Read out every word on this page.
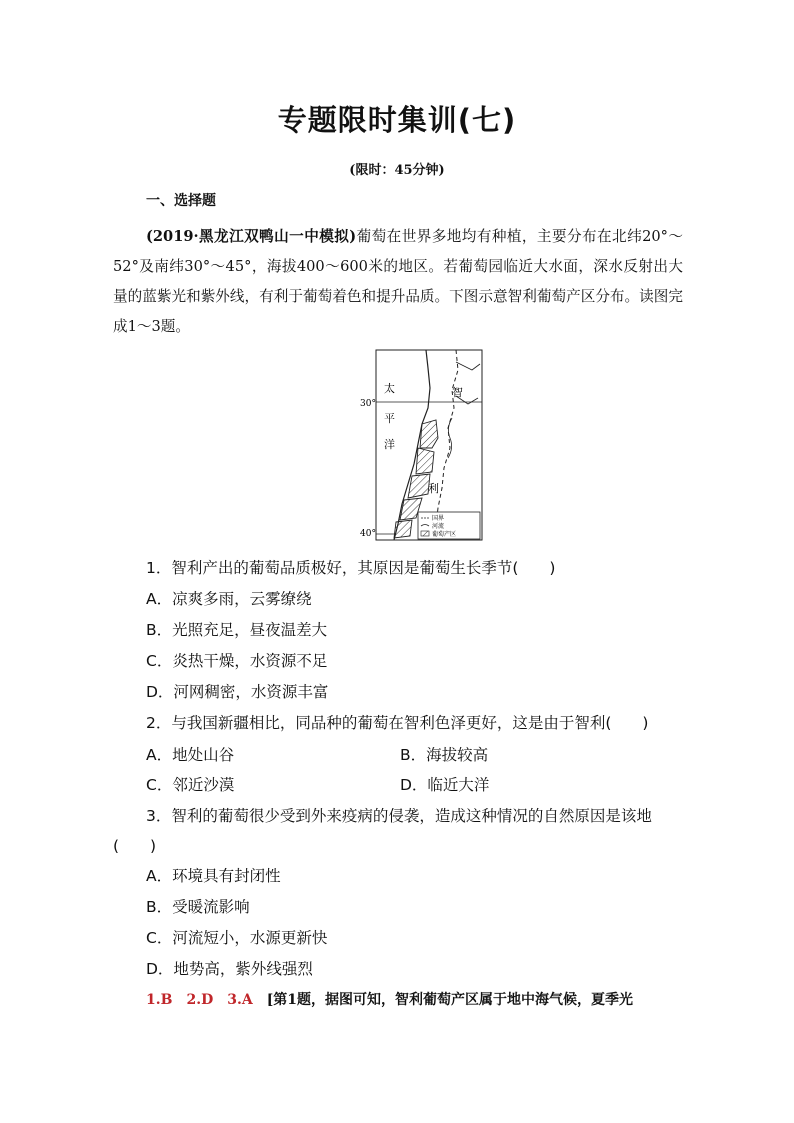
专题限时集训(七)
(限时：45分钟)
一、选择题
(2019·黑龙江双鸭山一中模拟)葡萄在世界多地均有种植，主要分布在北纬20°～52°及南纬30°～45°，海拔400～600米的地区。若葡萄园临近大水面，深水反射出大量的蓝紫光和紫外线，有利于葡萄着色和提升品质。下图示意智利葡萄产区分布。读图完成1～3题。
30°
40°
太
平
洋
智
利
国界
河流
葡萄产区
1．智利产出的葡萄品质极好，其原因是葡萄生长季节(　　)
A．凉爽多雨，云雾缭绕
B．光照充足，昼夜温差大
C．炎热干燥，水资源不足
D．河网稠密，水资源丰富
2．与我国新疆相比，同品种的葡萄在智利色泽更好，这是由于智利(　　)
A．地处山谷	B．海拔较高
C．邻近沙漠	D．临近大洋
3．智利的葡萄很少受到外来疫病的侵袭，造成这种情况的自然原因是该地
(　　)
A．环境具有封闭性
B．受暖流影响
C．河流短小，水源更新快
D．地势高，紫外线强烈
1.B　2.D　3.A　 [第1题，据图可知，智利葡萄产区属于地中海气候，夏季光
